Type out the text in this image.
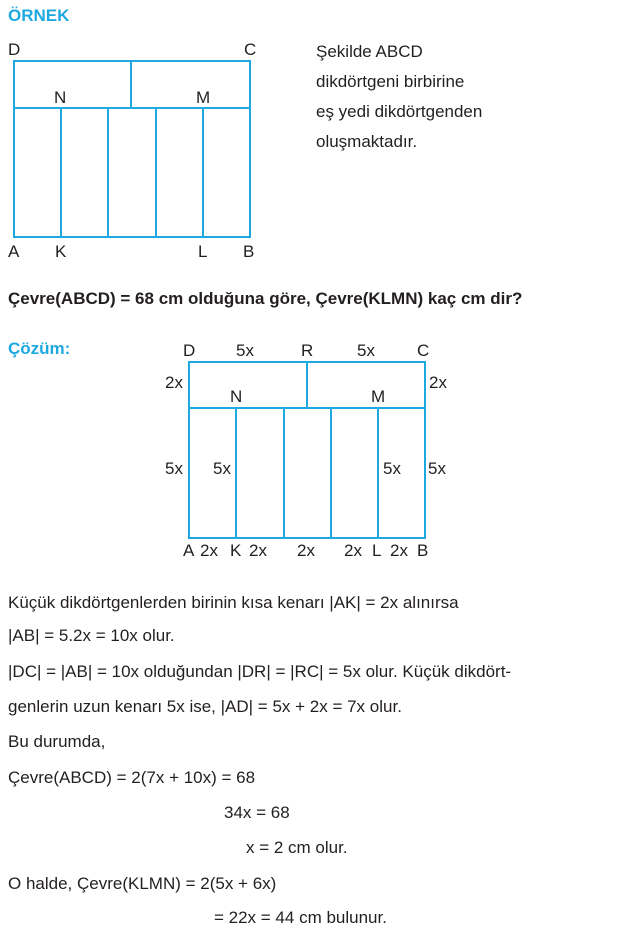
ÖRNEK
D	C
N	M
A K	L B
Şekilde ABCD
dikdörtgeni birbirine
eş yedi dikdörtgenden
oluşmaktadır.
Çevre(ABCD) = 68 cm olduğuna göre, Çevre(KLMN) kaç cm dir?
Çözüm:	D 5x	R	5x C
2x	2x
N	M
5x 5x	5x 5x
A 2x K 2x 2x 2x L 2x B
Küçük dikdörtgenlerden birinin kısa kenarı |AK| = 2x alınırsa
|AB| = 5.2x = 10x olur.
|DC| = |AB| = 10x olduğundan |DR| = |RC| = 5x olur. Küçük dikdört-
genlerin uzun kenarı 5x ise, |AD| = 5x + 2x = 7x olur.
Bu durumda,
Çevre(ABCD) = 2(7x + 10x) = 68
34x = 68
x = 2 cm olur.
O halde, Çevre(KLMN) = 2(5x + 6x)
= 22x = 44 cm bulunur.
